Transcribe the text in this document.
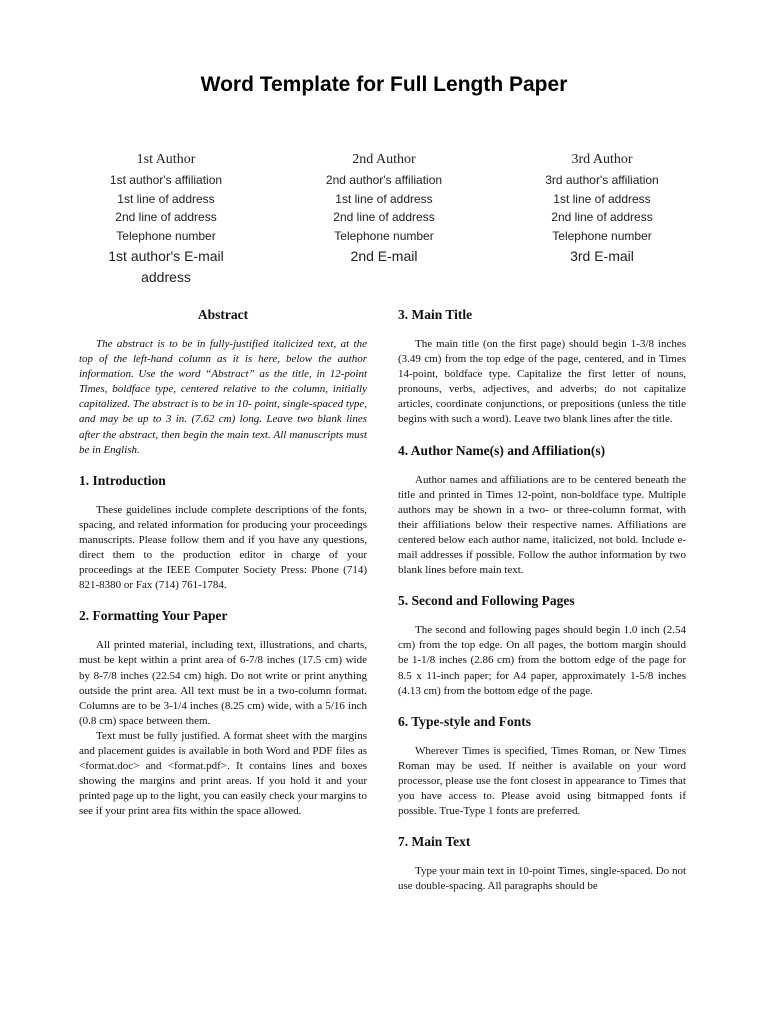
Word Template for Full Length Paper
1st Author
1st author's affiliation
1st line of address
2nd line of address
Telephone number
1st author's E-mail
address
2nd Author
2nd author's affiliation
1st line of address
2nd line of address
Telephone number
2nd E-mail
3rd Author
3rd author's affiliation
1st line of address
2nd line of address
Telephone number
3rd E-mail
Abstract

The abstract is to be in fully-justified italicized text, at the top of the left-hand column as it is here, below the author information. Use the word “Abstract” as the title, in 12-point Times, boldface type, centered relative to the column, initially capitalized. The abstract is to be in 10- point, single-spaced type, and may be up to 3 in. (7.62 cm) long. Leave two blank lines after the abstract, then begin the main text. All manuscripts must be in English.

1. Introduction

These guidelines include complete descriptions of the fonts, spacing, and related information for producing your proceedings manuscripts. Please follow them and if you have any questions, direct them to the production editor in charge of your proceedings at the IEEE Computer Society Press: Phone (714) 821-8380 or Fax (714) 761-1784.

2. Formatting Your Paper

All printed material, including text, illustrations, and charts, must be kept within a print area of 6-7/8 inches (17.5 cm) wide by 8-7/8 inches (22.54 cm) high. Do not write or print anything outside the print area. All text must be in a two-column format. Columns are to be 3-1/4 inches (8.25 cm) wide, with a 5/16 inch (0.8 cm) space between them.

Text must be fully justified. A format sheet with the margins and placement guides is available in both Word and PDF files as <format.doc> and <format.pdf>. It contains lines and boxes showing the margins and print areas. If you hold it and your printed page up to the light, you can easily check your margins to see if your print area fits within the space allowed.

3. Main Title

The main title (on the first page) should begin 1-3/8 inches (3.49 cm) from the top edge of the page, centered, and in Times 14-point, boldface type. Capitalize the first letter of nouns, pronouns, verbs, adjectives, and adverbs; do not capitalize articles, coordinate conjunctions, or prepositions (unless the title begins with such a word). Leave two blank lines after the title.

4. Author Name(s) and Affiliation(s)

Author names and affiliations are to be centered beneath the title and printed in Times 12-point, non-boldface type. Multiple authors may be shown in a two- or three-column format, with their affiliations below their respective names. Affiliations are centered below each author name, italicized, not bold. Include e-mail addresses if possible. Follow the author information by two blank lines before main text.

5. Second and Following Pages

The second and following pages should begin 1.0 inch (2.54 cm) from the top edge. On all pages, the bottom margin should be 1-1/8 inches (2.86 cm) from the bottom edge of the page for 8.5 x 11-inch paper; for A4 paper, approximately 1-5/8 inches (4.13 cm) from the bottom edge of the page.

6. Type-style and Fonts

Wherever Times is specified, Times Roman, or New Times Roman may be used. If neither is available on your word processor, please use the font closest in appearance to Times that you have access to. Please avoid using bitmapped fonts if possible. True-Type 1 fonts are preferred.

7. Main Text

Type your main text in 10-point Times, single-spaced. Do not use double-spacing. All paragraphs should be
